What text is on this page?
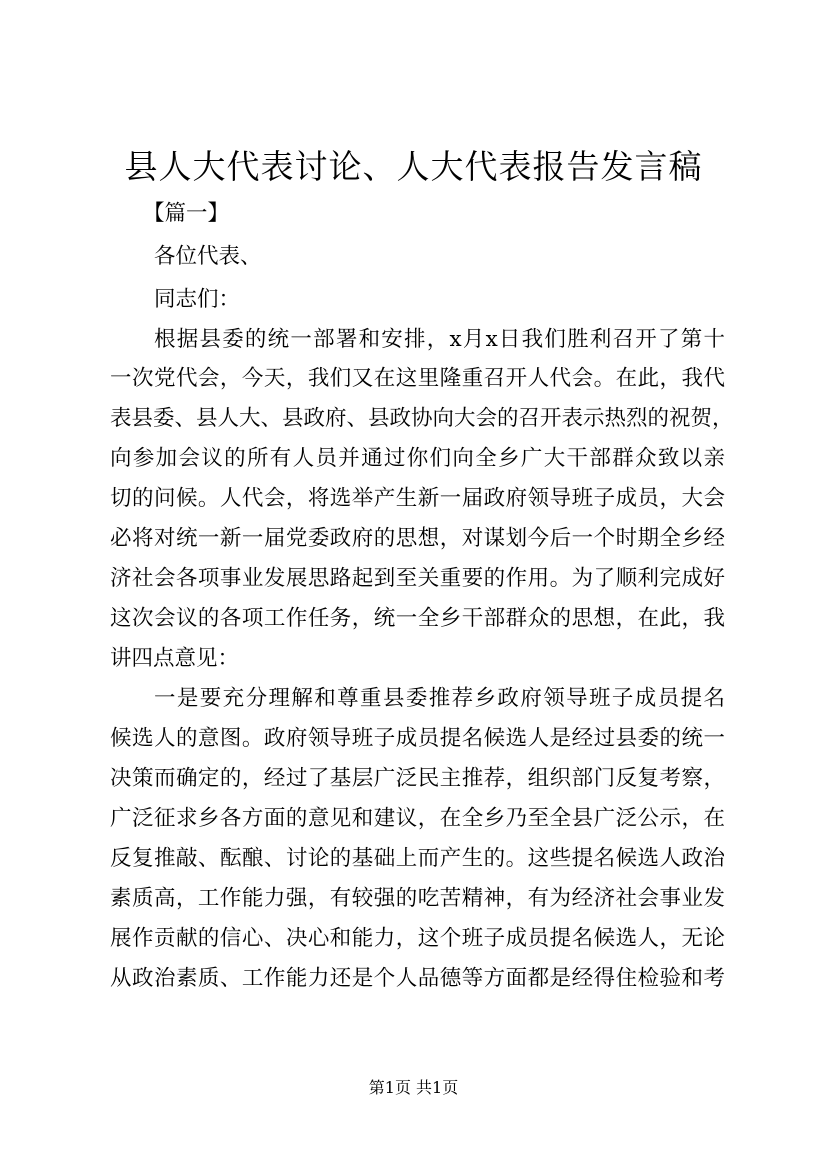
县人大代表讨论、人大代表报告发言稿
【篇一】
各位代表、
同志们：
根据县委的统一部署和安排，x月x日我们胜利召开了第十
一次党代会，今天，我们又在这里隆重召开人代会。在此，我代
表县委、县人大、县政府、县政协向大会的召开表示热烈的祝贺，
向参加会议的所有人员并通过你们向全乡广大干部群众致以亲
切的问候。人代会，将选举产生新一届政府领导班子成员，大会
必将对统一新一届党委政府的思想，对谋划今后一个时期全乡经
济社会各项事业发展思路起到至关重要的作用。为了顺利完成好
这次会议的各项工作任务，统一全乡干部群众的思想，在此，我
讲四点意见：
一是要充分理解和尊重县委推荐乡政府领导班子成员提名
候选人的意图。政府领导班子成员提名候选人是经过县委的统一
决策而确定的，经过了基层广泛民主推荐，组织部门反复考察，
广泛征求乡各方面的意见和建议，在全乡乃至全县广泛公示，在
反复推敲、酝酿、讨论的基础上而产生的。这些提名候选人政治
素质高，工作能力强，有较强的吃苦精神，有为经济社会事业发
展作贡献的信心、决心和能力，这个班子成员提名候选人，无论
从政治素质、工作能力还是个人品德等方面都是经得住检验和考
第1页 共1页
